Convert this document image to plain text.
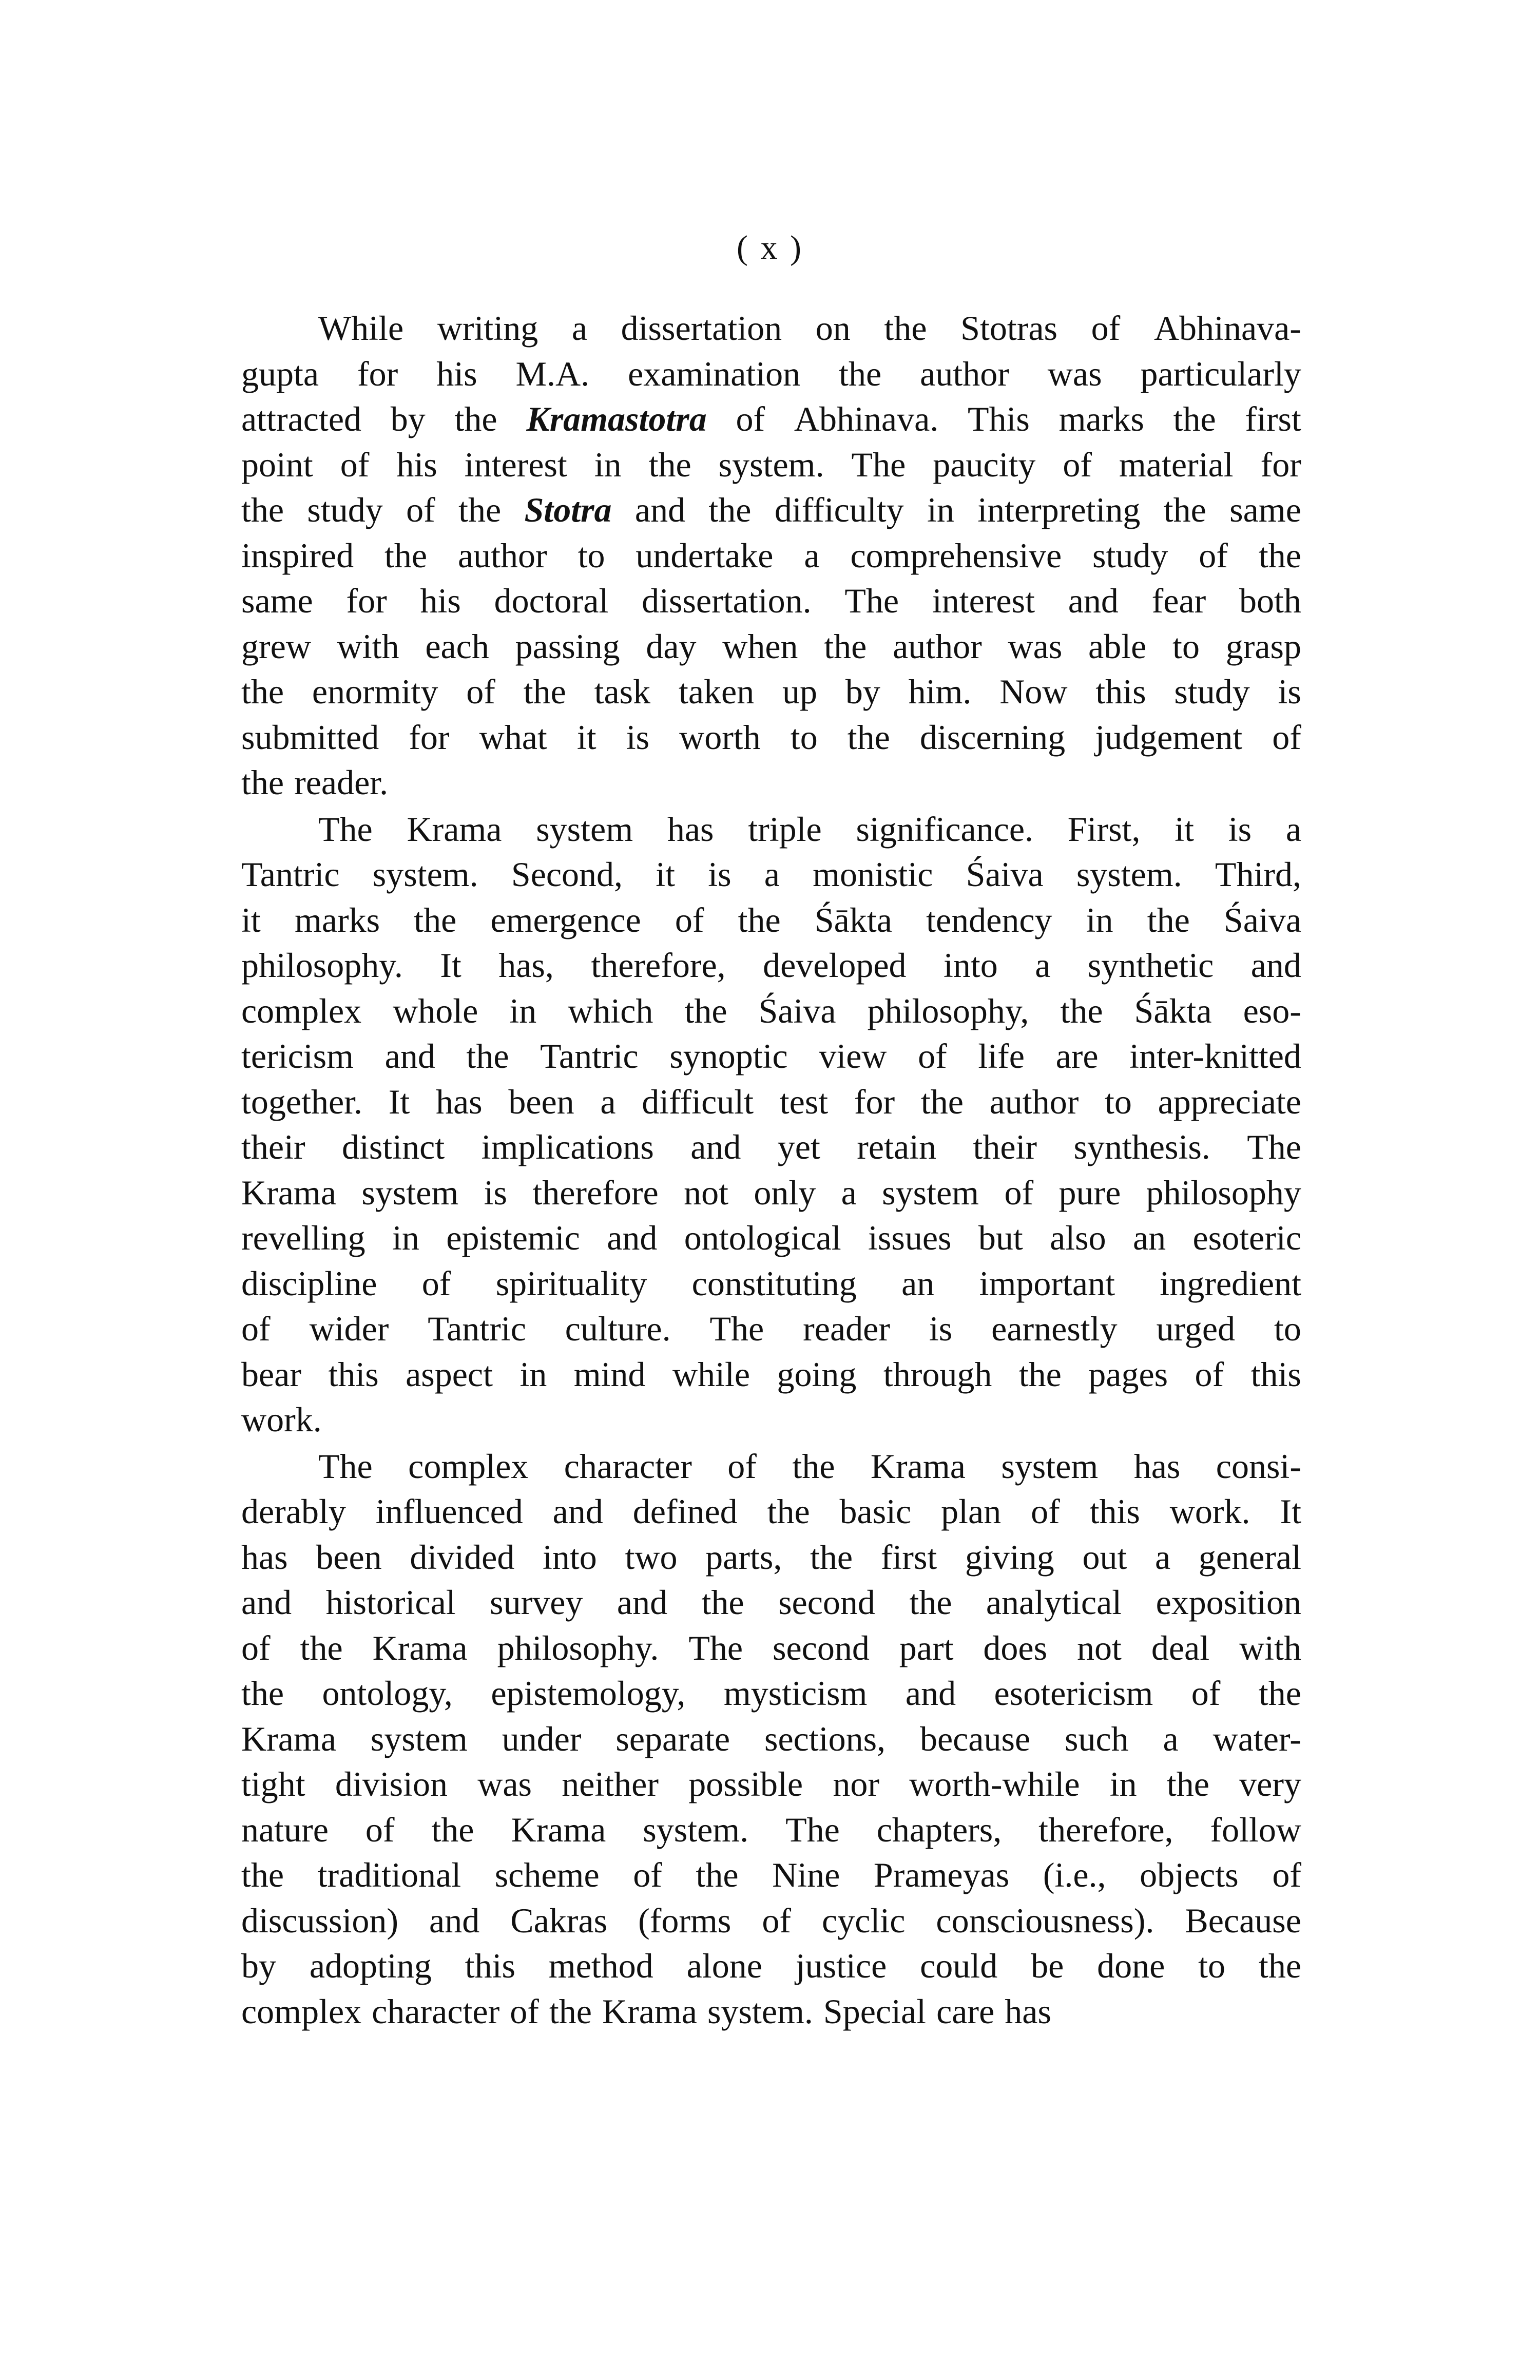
( x )
While writing a dissertation on the Stotras of Abhinava-
gupta for his M.A. examination the author was particularly
attracted by the Kramastotra of Abhinava. This marks the first
point of his interest in the system. The paucity of material for
the study of the Stotra and the difficulty in interpreting the same
inspired the author to undertake a comprehensive study of the
same for his doctoral dissertation. The interest and fear both
grew with each passing day when the author was able to grasp
the enormity of the task taken up by him. Now this study is
submitted for what it is worth to the discerning judgement of
the reader.
The Krama system has triple significance. First, it is a
Tantric system. Second, it is a monistic Śaiva system. Third,
it marks the emergence of the Śākta tendency in the Śaiva
philosophy. It has, therefore, developed into a synthetic and
complex whole in which the Śaiva philosophy, the Śākta eso-
tericism and the Tantric synoptic view of life are inter-knitted
together. It has been a difficult test for the author to appreciate
their distinct implications and yet retain their synthesis. The
Krama system is therefore not only a system of pure philosophy
revelling in epistemic and ontological issues but also an esoteric
discipline of spirituality constituting an important ingredient
of wider Tantric culture. The reader is earnestly urged to
bear this aspect in mind while going through the pages of this
work.
The complex character of the Krama system has consi-
derably influenced and defined the basic plan of this work. It
has been divided into two parts, the first giving out a general
and historical survey and the second the analytical exposition
of the Krama philosophy. The second part does not deal with
the ontology, epistemology, mysticism and esotericism of the
Krama system under separate sections, because such a water-
tight division was neither possible nor worth-while in the very
nature of the Krama system. The chapters, therefore, follow
the traditional scheme of the Nine Prameyas (i.e., objects of
discussion) and Cakras (forms of cyclic consciousness). Because
by adopting this method alone justice could be done to the
complex character of the Krama system. Special care has
